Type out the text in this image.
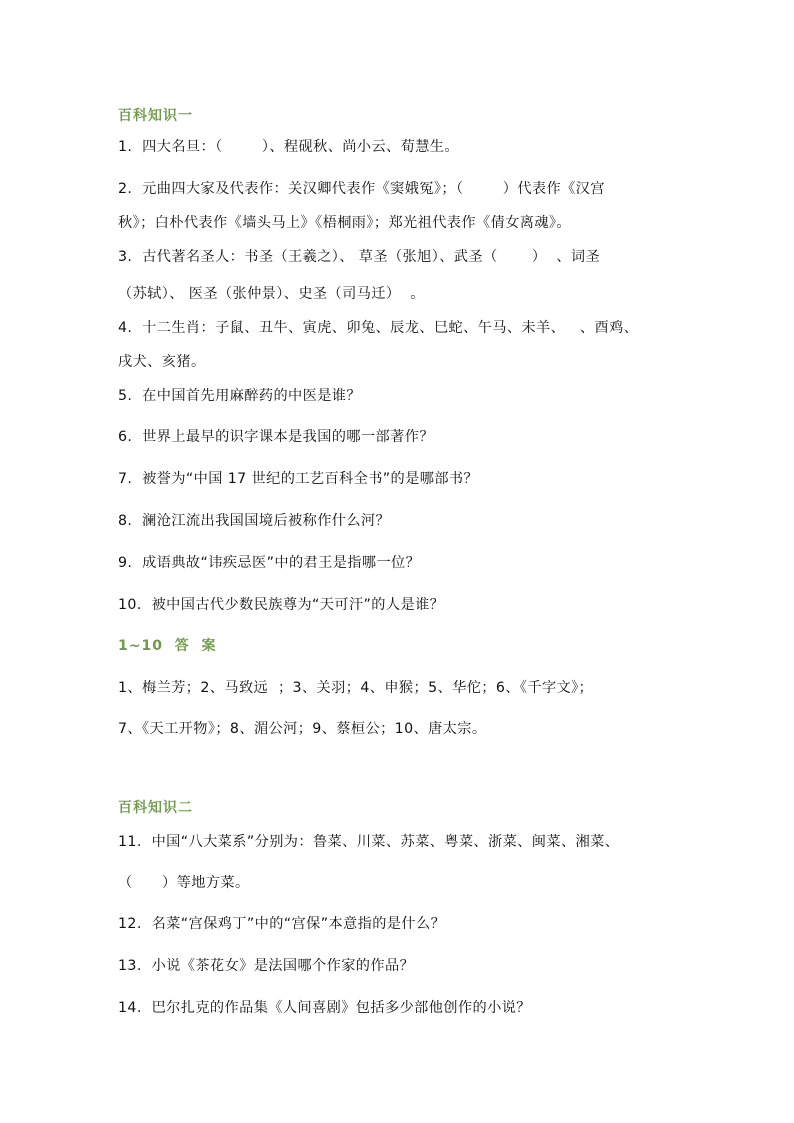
百科知识一
1.  四大名旦：（        ）、程砚秋、尚小云、荀慧生。
2.  元曲四大家及代表作：关汉卿代表作《窦娥冤》；（        ）代表作《汉宫
秋》；白朴代表作《墙头马上》《梧桐雨》；郑光祖代表作《倩女离魂》。
3.  古代著名圣人：书圣（王羲之）、 草圣（张旭）、武圣（       ）  、词圣
（苏轼）、 医圣（张仲景）、史圣（司马迁）  。
4.  十二生肖：子鼠、丑牛、寅虎、卯兔、辰龙、巳蛇、午马、未羊、   、酉鸡、
戌犬、亥猪。
5.  在中国首先用麻醉药的中医是谁？
6.  世界上最早的识字课本是我国的哪一部著作？
7.  被誉为“中国 17 世纪的工艺百科全书”的是哪部书？
8.  澜沧江流出我国国境后被称作什么河？
9.  成语典故“讳疾忌医”中的君王是指哪一位？
10.  被中国古代少数民族尊为“天可汗”的人是谁？
1~10  答  案
1、梅兰芳；2、马致远  ；3、关羽；4、申猴；5、华佗；6、《千字文》；
7、《天工开物》；8、湄公河；9、蔡桓公；10、唐太宗。
百科知识二
11.  中国“八大菜系”分别为：鲁菜、川菜、苏菜、粤菜、浙菜、闽菜、湘菜、
（      ）等地方菜。
12.  名菜“宫保鸡丁”中的“宫保”本意指的是什么？
13.  小说《茶花女》是法国哪个作家的作品？
14.  巴尔扎克的作品集《人间喜剧》包括多少部他创作的小说？
